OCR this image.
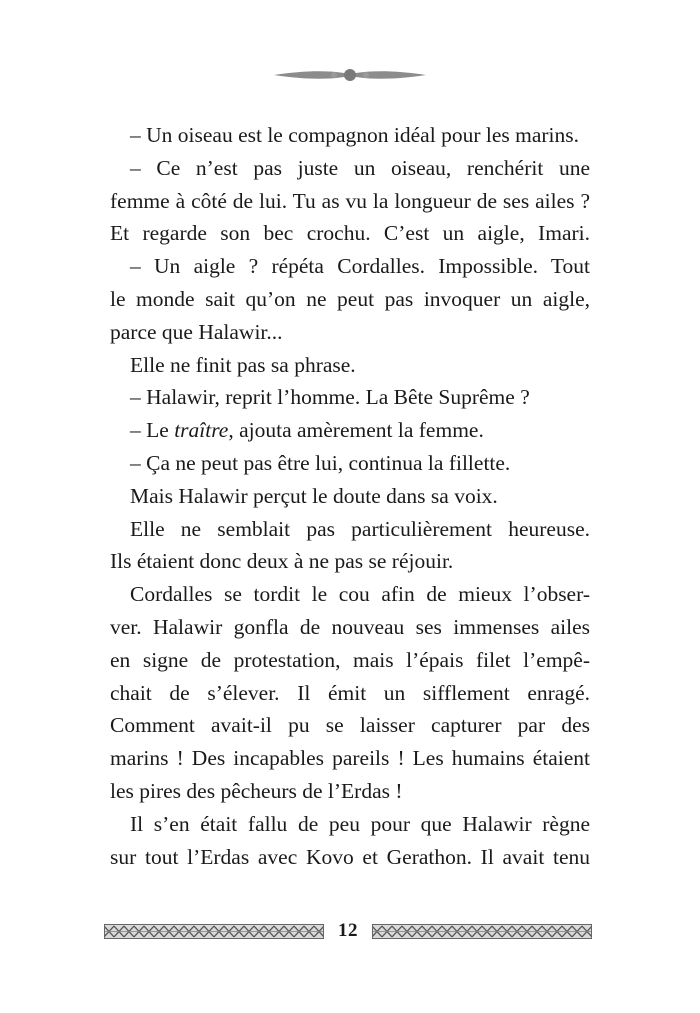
– Un oiseau est le compagnon idéal pour les marins.
– Ce n’est pas juste un oiseau, renchérit une
femme à côté de lui. Tu as vu la longueur de ses ailes ?
Et regarde son bec crochu. C’est un aigle, Imari.
– Un aigle ? répéta Cordalles. Impossible. Tout
le monde sait qu’on ne peut pas invoquer un aigle,
parce que Halawir...
Elle ne finit pas sa phrase.
– Halawir, reprit l’homme. La Bête Suprême ?
– Le traître, ajouta amèrement la femme.
– Ça ne peut pas être lui, continua la fillette.
Mais Halawir perçut le doute dans sa voix.
Elle ne semblait pas particulièrement heureuse.
Ils étaient donc deux à ne pas se réjouir.
Cordalles se tordit le cou afin de mieux l’obser-
ver. Halawir gonfla de nouveau ses immenses ailes
en signe de protestation, mais l’épais filet l’empê-
chait de s’élever. Il émit un sifflement enragé.
Comment avait-il pu se laisser capturer par des
marins ! Des incapables pareils ! Les humains étaient
les pires des pêcheurs de l’Erdas !
Il s’en était fallu de peu pour que Halawir règne
sur tout l’Erdas avec Kovo et Gerathon. Il avait tenu
12
